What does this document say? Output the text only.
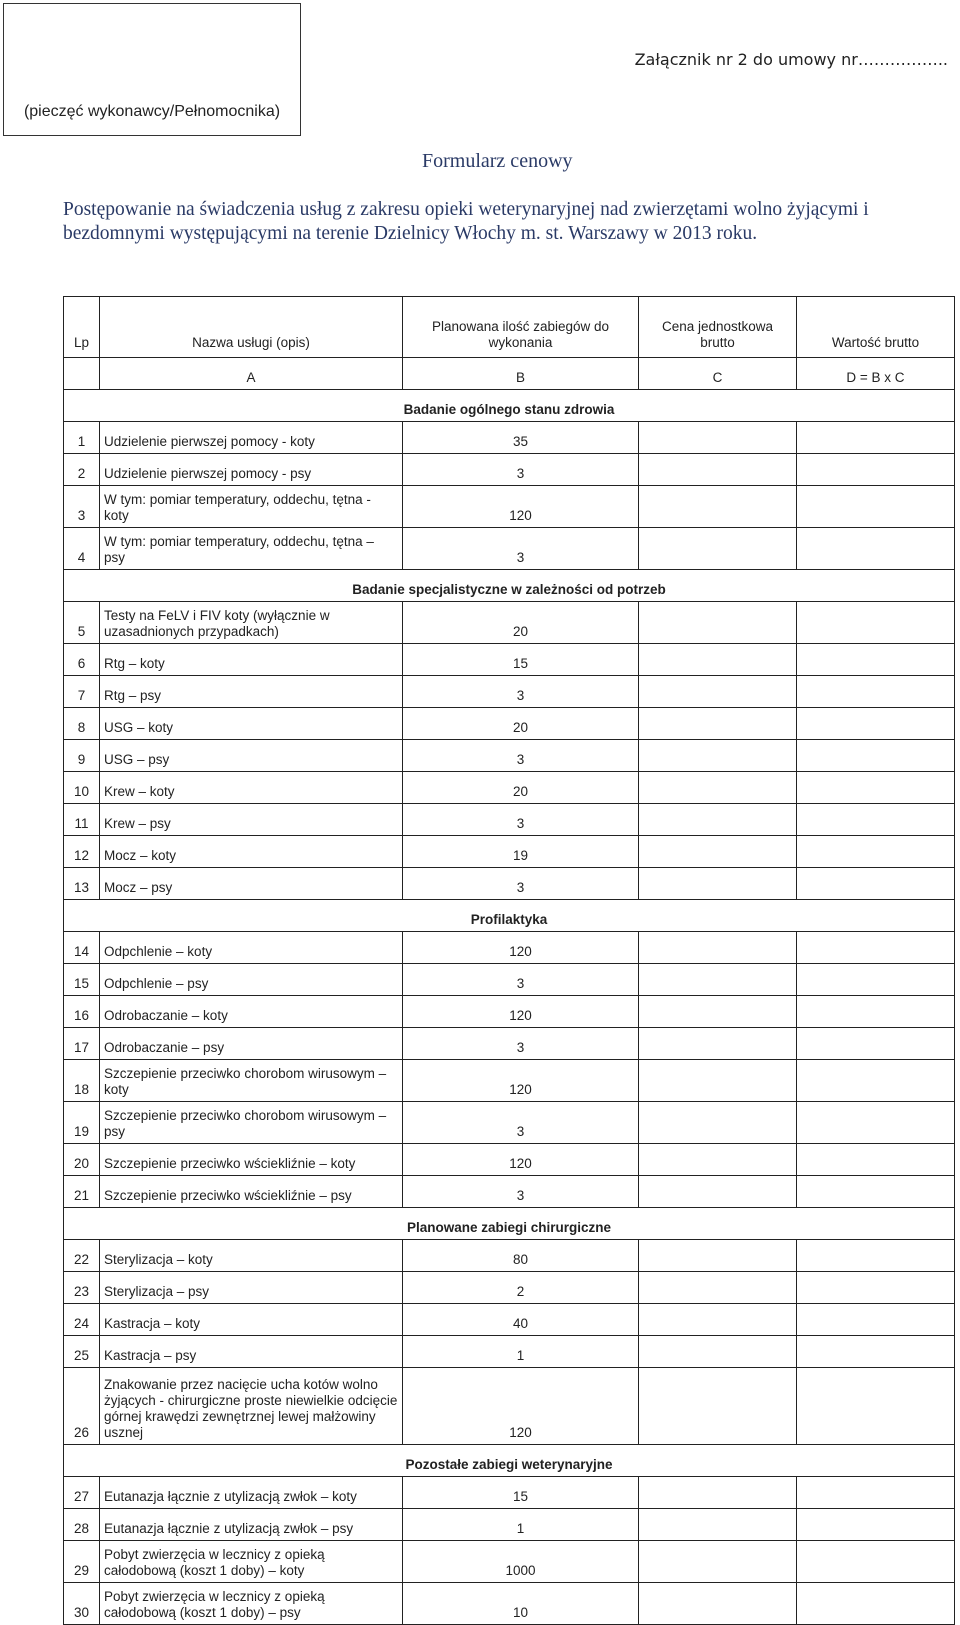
(pieczęć wykonawcy/Pełnomocnika)
Załącznik nr 2 do umowy nr……………..
Formularz cenowy
Postępowanie na świadczenia usług z zakresu opieki weterynaryjnej nad zwierzętami wolno żyjącymi i bezdomnymi występującymi na terenie Dzielnicy Włochy m. st. Warszawy w 2013 roku.
Lp	Nazwa usługi (opis)	Planowana ilość zabiegów do wykonania	Cena jednostkowa brutto	Wartość brutto
	A	B	C	D = B x C
Badanie ogólnego stanu zdrowia				
1	Udzielenie pierwszej pomocy - koty	35		
2	Udzielenie pierwszej pomocy - psy	3		
3	W tym: pomiar temperatury, oddechu, tętna - koty	120		
4	W tym: pomiar temperatury, oddechu, tętna – psy	3		
Badanie specjalistyczne w zależności od potrzeb				
5	Testy na FeLV i FIV koty (wyłącznie w uzasadnionych przypadkach)	20		
6	Rtg – koty	15		
7	Rtg – psy	3		
8	USG – koty	20		
9	USG – psy	3		
10	Krew – koty	20		
11	Krew – psy	3		
12	Mocz – koty	19		
13	Mocz – psy	3		
Profilaktyka				
14	Odpchlenie – koty	120		
15	Odpchlenie – psy	3		
16	Odrobaczanie – koty	120		
17	Odrobaczanie – psy	3		
18	Szczepienie przeciwko chorobom wirusowym – koty	120		
19	Szczepienie przeciwko chorobom wirusowym – psy	3		
20	Szczepienie przeciwko wściekliźnie – koty	120		
21	Szczepienie przeciwko wściekliźnie – psy	3		
Planowane zabiegi chirurgiczne				
22	Sterylizacja – koty	80		
23	Sterylizacja – psy	2		
24	Kastracja – koty	40		
25	Kastracja – psy	1		
26	Znakowanie przez nacięcie ucha kotów wolno żyjących - chirurgiczne proste niewielkie odcięcie górnej krawędzi zewnętrznej lewej małżowiny usznej	120		
Pozostałe zabiegi weterynaryjne				
27	Eutanazja łącznie z utylizacją zwłok – koty	15		
28	Eutanazja łącznie z utylizacją zwłok – psy	1		
29	Pobyt zwierzęcia w lecznicy z opieką całodobową (koszt 1 doby) – koty	1000		
30	Pobyt zwierzęcia w lecznicy z opieką całodobową (koszt 1 doby) – psy	10		
